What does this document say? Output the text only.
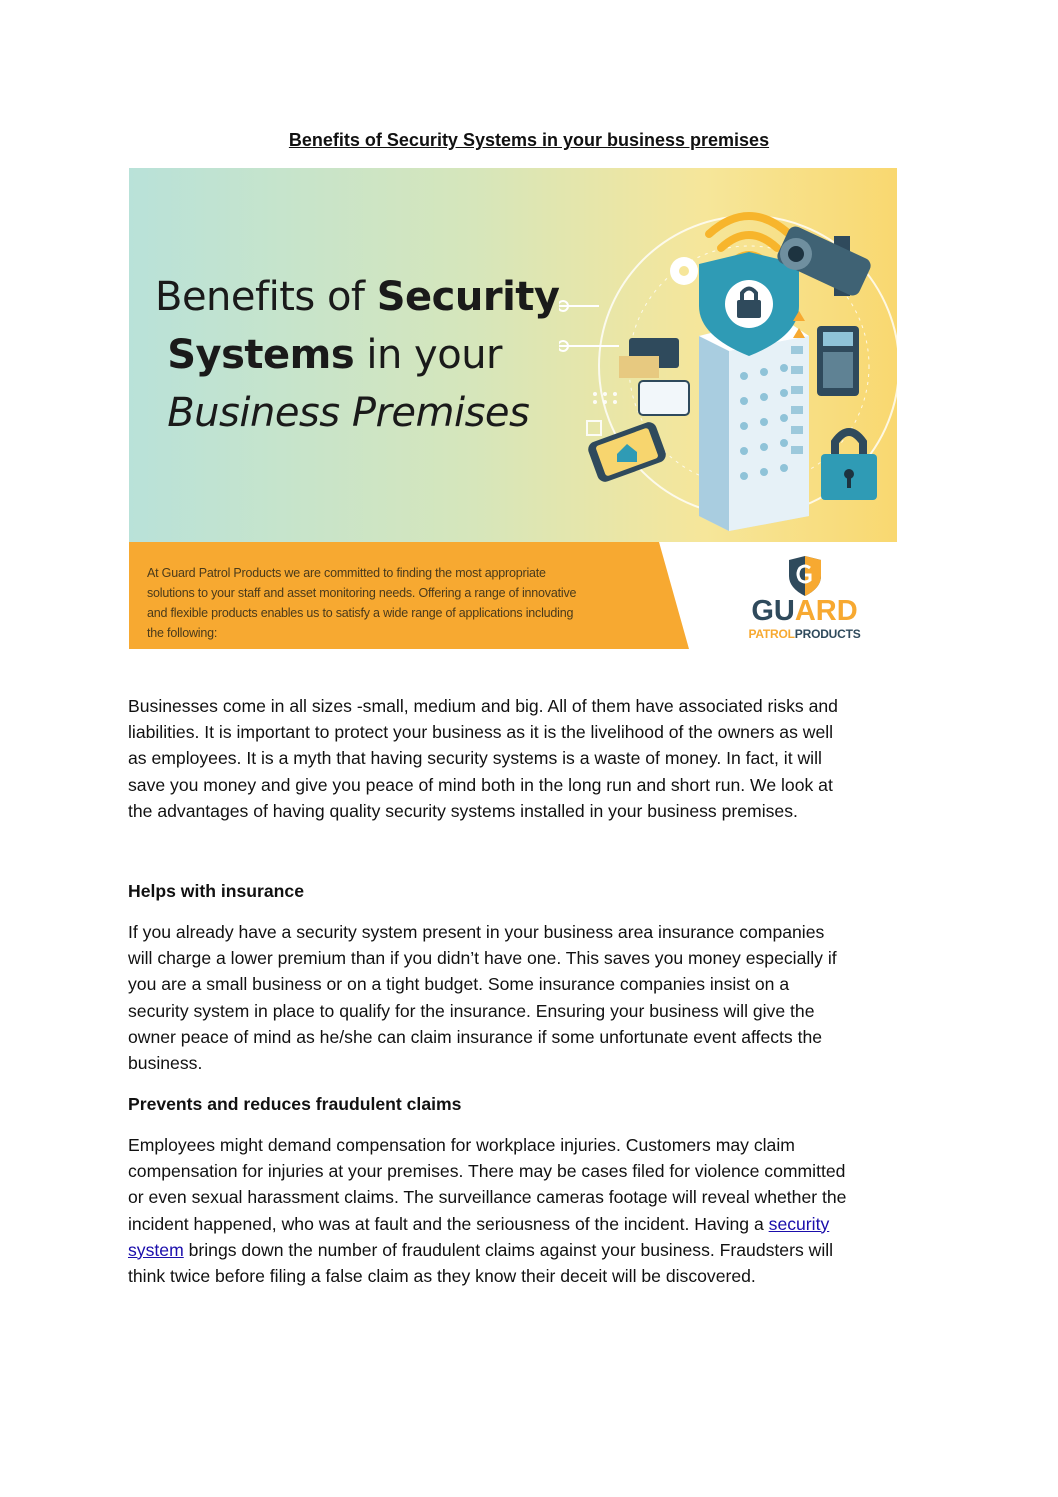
Benefits of Security Systems in your business premises
Benefits of Security
Systems in your
Business Premises
At Guard Patrol Products we are committed to finding the most appropriate
solutions to your staff and asset monitoring needs. Offering a range of innovative
and flexible products enables us to satisfy a wide range of applications including
the following:
GUARD
PATROLPRODUCTS

Businesses come in all sizes -small, medium and big. All of them have associated risks and
liabilities. It is important to protect your business as it is the livelihood of the owners as well
as employees. It is a myth that having security systems is a waste of money. In fact, it will
save you money and give you peace of mind both in the long run and short run. We look at
the advantages of having quality security systems installed in your business premises.

Helps with insurance

If you already have a security system present in your business area insurance companies
will charge a lower premium than if you didn’t have one. This saves you money especially if
you are a small business or on a tight budget. Some insurance companies insist on a
security system in place to qualify for the insurance. Ensuring your business will give the
owner peace of mind as he/she can claim insurance if some unfortunate event affects the
business.

Prevents and reduces fraudulent claims

Employees might demand compensation for workplace injuries. Customers may claim
compensation for injuries at your premises. There may be cases filed for violence committed
or even sexual harassment claims. The surveillance cameras footage will reveal whether the
incident happened, who was at fault and the seriousness of the incident. Having a security
system brings down the number of fraudulent claims against your business. Fraudsters will
think twice before filing a false claim as they know their deceit will be discovered.
